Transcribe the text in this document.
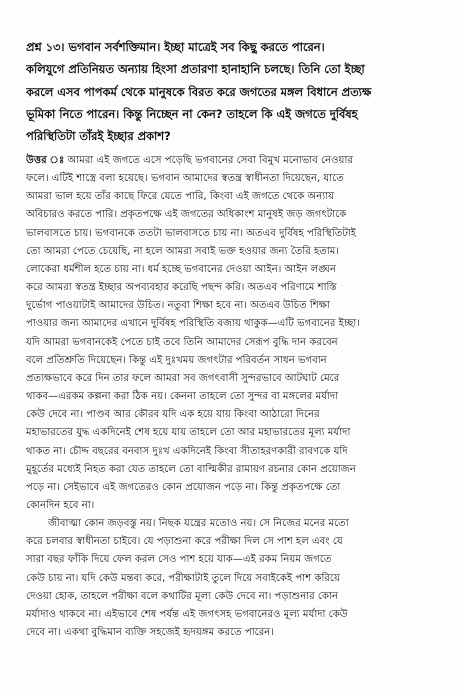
প্রশ্ন ১৩। ভগবান সর্বশক্তিমান। ইচ্ছা মাত্রেই সব কিছু করতে পারেন।
কলিযুগে প্রতিনিয়ত অন্যায় হিংসা প্রতারণা হানাহানি চলছে। তিনি তো ইচ্ছা
করলে এসব পাপকর্ম থেকে মানুষকে বিরত করে জগতের মঙ্গল বিধানে প্রত্যক্ষ
ভূমিকা নিতে পারেন। কিন্তু নিচ্ছেন না কেন? তাহলে কি এই জগতে দুর্বিষহ
পরিস্থিতিটা তাঁরই ইচ্ছার প্রকাশ?
উত্তর ঃ আমরা এই জগতে এসে পড়েছি ভগবানের সেবা বিমুখ মনোভাব নেওয়ার
ফলে। এটিই শাস্ত্রে বলা হয়েছে। ভগবান আমাদের স্বতন্ত্র স্বাধীনতা দিয়েছেন, যাতে
আমরা ভাল হয়ে তাঁর কাছে ফিরে যেতে পারি, কিংবা এই জগতে থেকে অন্যায়
অবিচারও করতে পারি। প্রকৃতপক্ষে এই জগতের অধিকাংশ মানুষই জড় জগৎটাকে
ভালবাসতে চায়। ভগবানকে ততটা ভালবাসতে চায় না। অতএব দুর্বিষহ পরিস্থিতিটাই
তো আমরা পেতে চেয়েছি, না হলে আমরা সবাই ভক্ত হওয়ার জন্য তৈরি হতাম।
লোকেরা ধর্মশীল হতে চায় না। ধর্ম হচ্ছে ভগবানের দেওয়া আইন। আইন লঙ্ঘন
করে আমরা স্বতন্ত্র ইচ্ছার অপব্যবহার করেছি পছন্দ করি। অতএব পরিণামে শাস্তি
দুর্ভোগ পাওয়াটাই আমাদের উচিত। নতুবা শিক্ষা হবে না। অতএব উচিত শিক্ষা
পাওয়ার জন্য আমাদের এখানে দুর্বিষহ পরিস্থিতি বজায় থাকুক—এটি ভগবানের ইচ্ছা।
যদি আমরা ভগবানকেই পেতে চাই তবে তিনি আমাদের সেরূপ বুদ্ধি দান করবেন
বলে প্রতিশ্রুতি দিয়েছেন। কিন্তু এই দুঃখময় জগৎটার পরিবর্তন সাধন ভগবান
প্রত্যক্ষভাবে করে দিন তার ফলে আমরা সব জগৎবাসী সুন্দরভাবে আটঘাট মেরে
থাকব—এরকম কল্পনা করা ঠিক নয়। কেননা তাহলে তো সুন্দর বা মঙ্গলের মর্যাদা
কেউ দেবে না। পাণ্ডব আর কৌরব যদি এক হয়ে যায় কিংবা আঠারো দিনের
মহাভারতের যুদ্ধ একদিনেই শেষ হয়ে যায় তাহলে তো আর মহাভারতের মূল্য মর্যাদা
থাকত না। চৌদ্দ বছরের বনবাস দুঃখ একদিনেই কিংবা সীতাহরণকারী রাবণকে যদি
মুহূর্তের মধ্যেই নিহত করা যেত তাহলে তো বাল্মিকীর রামায়ণ রচনার কোন প্রয়োজন
পড়ে না। সেইভাবে এই জগতেরও কোন প্রয়োজন পড়ে না। কিন্তু প্রকৃতপক্ষে তো
কোনদিন হবে না।
জীবাত্মা কোন জড়বস্তু নয়। নিছক যন্ত্রের মতোও নয়। সে নিজের মনের মতো
করে চলবার স্বাধীনতা চাইবে। যে পড়াশুনা করে পরীক্ষা দিল সে পাশ হল এবং যে
সারা বছর ফাঁকি দিয়ে ফেল করল সেও পাশ হয়ে যাক—এই রকম নিয়ম জগতে
কেউ চায় না। যদি কেউ মন্তব্য করে, পরীক্ষাটাই তুলে দিয়ে সবাইকেই পাশ করিয়ে
দেওয়া হোক, তাহলে পরীক্ষা বলে কথাটির মূল্য কেউ দেবে না। পড়াশুনার কোন
মর্যাদাও থাকবে না। এইভাবে শেষ পর্যন্ত এই জগৎসহ ভগবানেরও মূল্য মর্যাদা কেউ
দেবে না। একথা বুদ্ধিমান ব্যক্তি সহজেই হৃদয়ঙ্গম করতে পারেন।
